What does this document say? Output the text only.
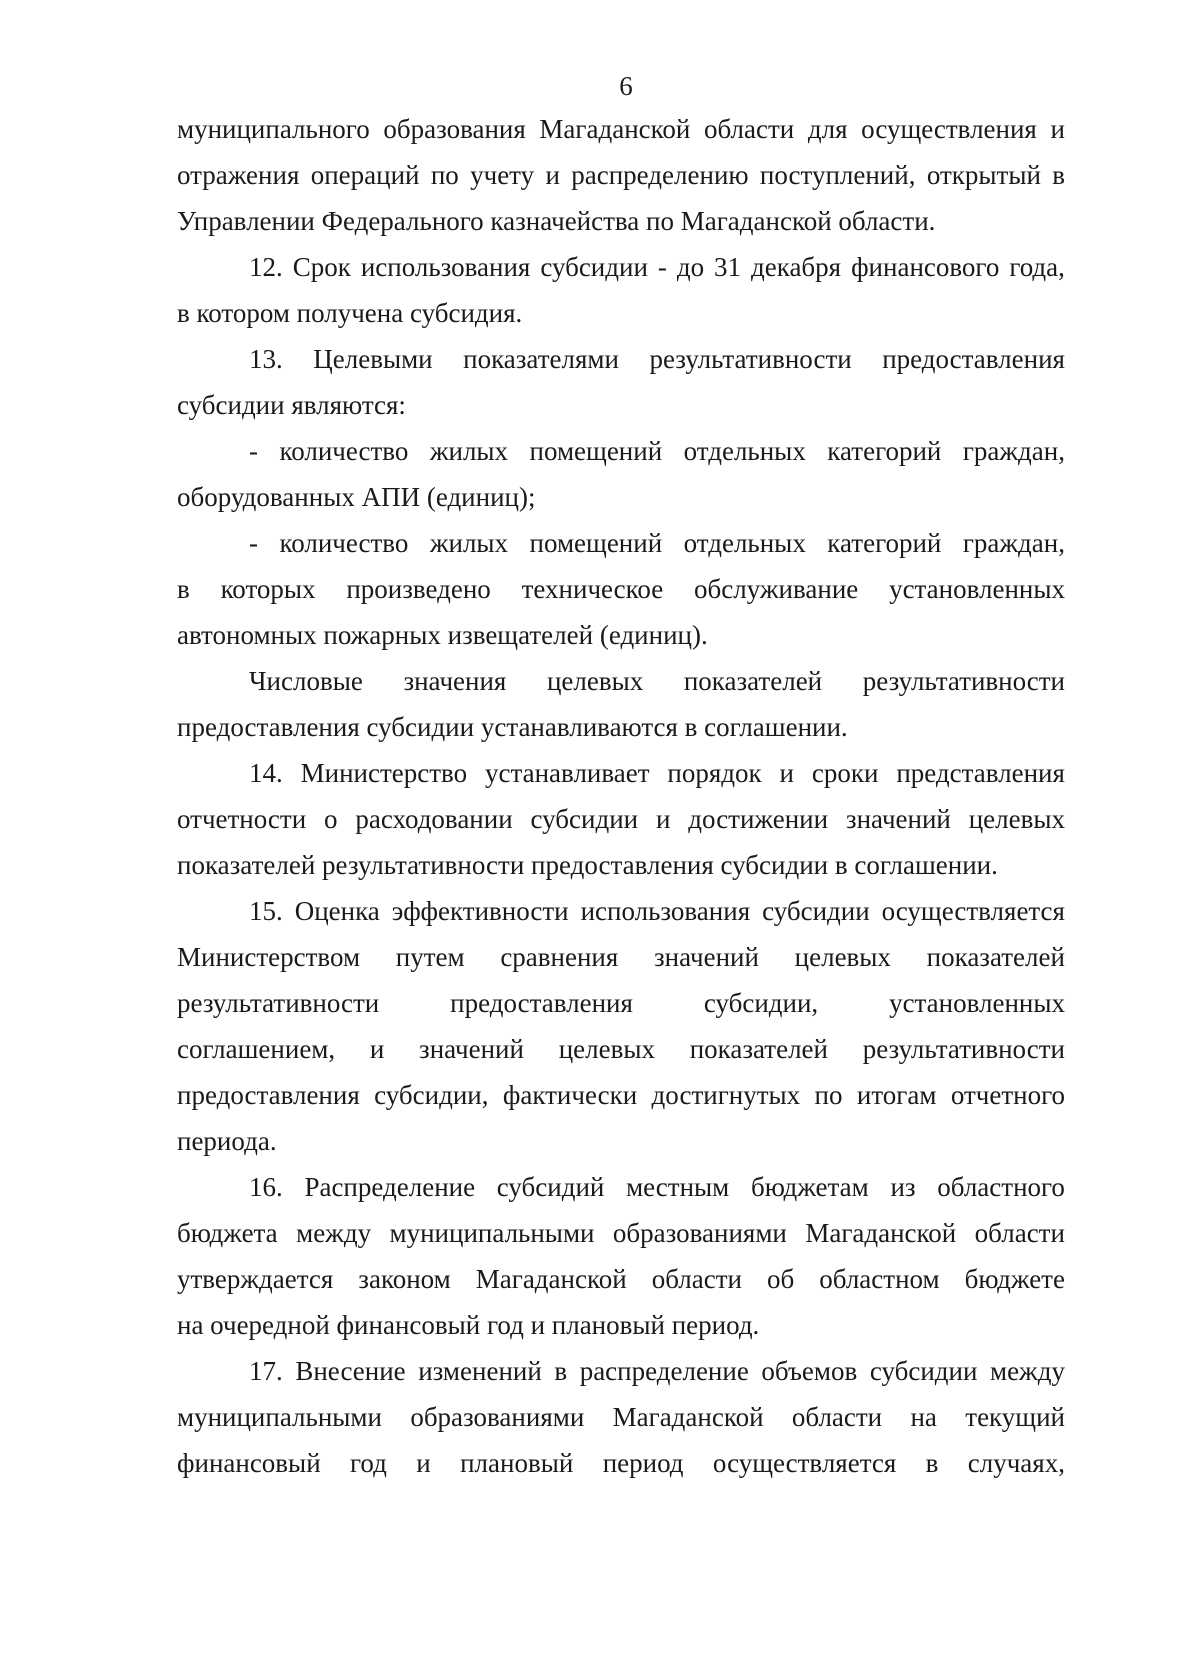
6
муниципального образования Магаданской области для осуществления и
отражения операций по учету и распределению поступлений, открытый в
Управлении Федерального казначейства по Магаданской области.
12. Срок использования субсидии - до 31 декабря финансового года,
в котором получена субсидия.
13. Целевыми показателями результативности предоставления
субсидии являются:
- количество жилых помещений отдельных категорий граждан,
оборудованных АПИ (единиц);
- количество жилых помещений отдельных категорий граждан,
в которых произведено техническое обслуживание установленных
автономных пожарных извещателей (единиц).
Числовые значения целевых показателей результативности
предоставления субсидии устанавливаются в соглашении.
14. Министерство устанавливает порядок и сроки представления
отчетности о расходовании субсидии и достижении значений целевых
показателей результативности предоставления субсидии в соглашении.
15. Оценка эффективности использования субсидии осуществляется
Министерством путем сравнения значений целевых показателей
результативности	предоставления	субсидии,	установленных
соглашением, и значений целевых показателей результативности
предоставления субсидии, фактически достигнутых по итогам отчетного
периода.
16. Распределение субсидий местным бюджетам из областного
бюджета между муниципальными образованиями Магаданской области
утверждается законом Магаданской области об областном бюджете
на очередной финансовый год и плановый период.
17. Внесение изменений в распределение объемов субсидии между
муниципальными образованиями Магаданской области на текущий
финансовый год и плановый период осуществляется в случаях,
